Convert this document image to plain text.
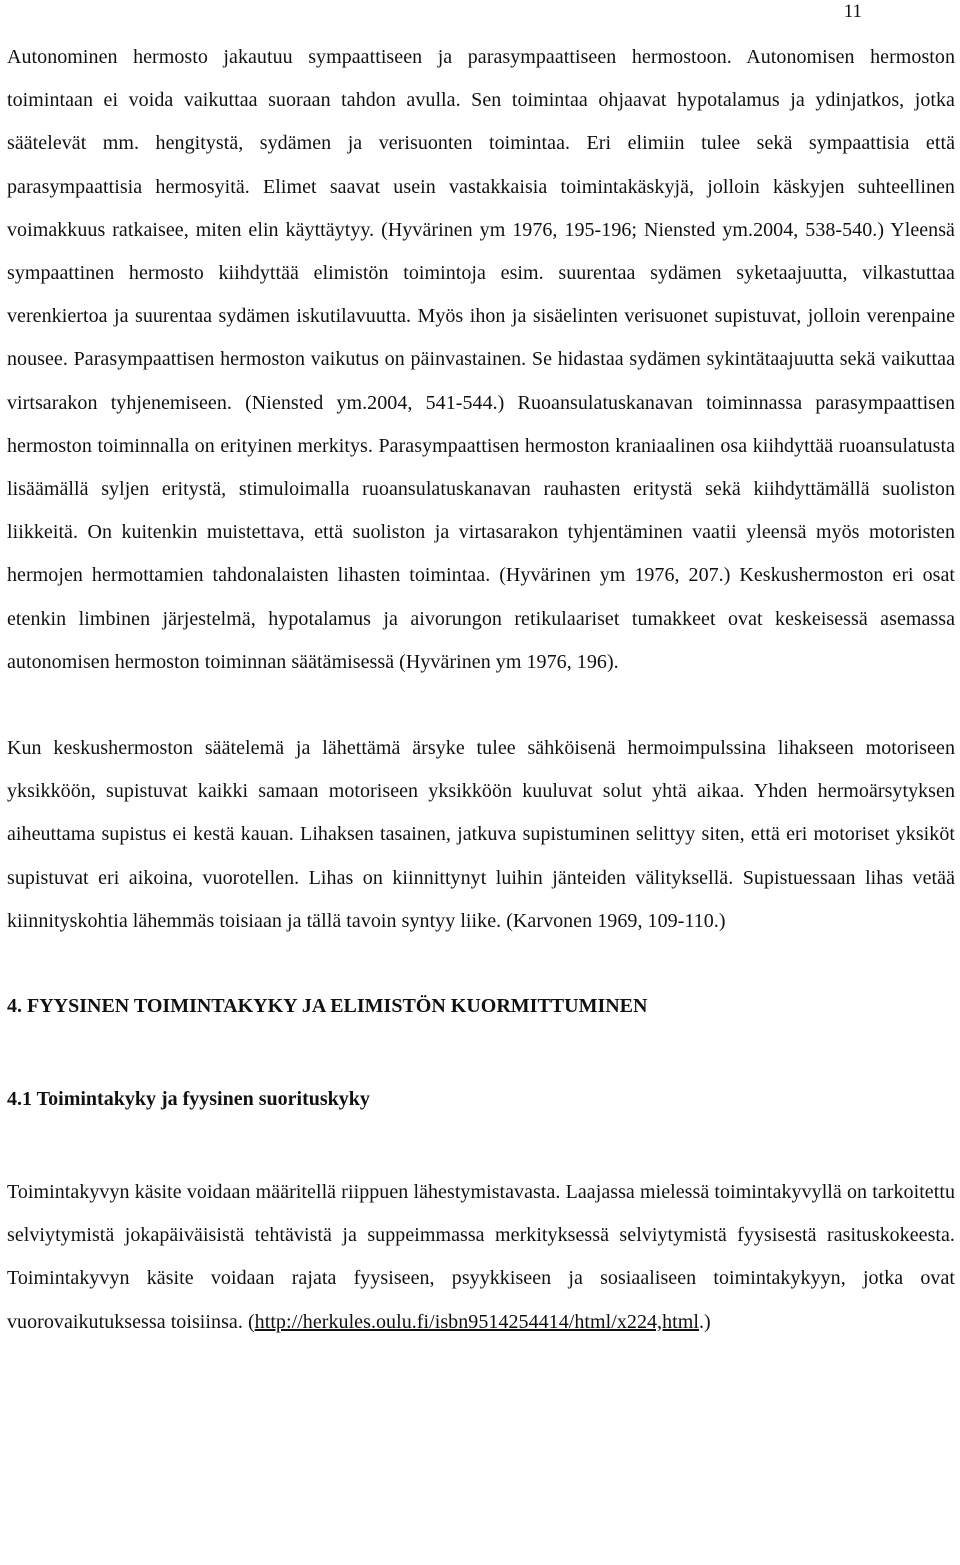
11

Autonominen hermosto jakautuu sympaattiseen ja parasympaattiseen hermostoon. Autonomisen hermoston toimintaan ei voida vaikuttaa suoraan tahdon avulla. Sen toimintaa ohjaavat hypotalamus ja ydinjatkos, jotka säätelevät mm. hengitystä, sydämen ja verisuonten toimintaa. Eri elimiin tulee sekä sympaattisia että parasympaattisia hermosyitä. Elimet saavat usein vastakkaisia toimintakäskyjä, jolloin käskyjen suhteellinen voimakkuus ratkaisee, miten elin käyttäytyy. (Hyvärinen ym 1976, 195-196; Niensted ym.2004, 538-540.) Yleensä sympaattinen hermosto kiihdyttää elimistön toimintoja esim. suurentaa sydämen syketaajuutta, vilkastuttaa verenkiertoa ja suurentaa sydämen iskutilavuutta. Myös ihon ja sisäelinten verisuonet supistuvat, jolloin verenpaine nousee. Parasympaattisen hermoston vaikutus on päinvastainen. Se hidastaa sydämen sykintätaajuutta sekä vaikuttaa virtsarakon tyhjenemiseen. (Niensted ym.2004, 541-544.) Ruoansulatuskanavan toiminnassa parasympaattisen hermoston toiminnalla on erityinen merkitys. Parasympaattisen hermoston kraniaalinen osa kiihdyttää ruoansulatusta lisäämällä syljen eritystä, stimuloimalla ruoansulatuskanavan rauhasten eritystä sekä kiihdyttämällä suoliston liikkeitä. On kuitenkin muistettava, että suoliston ja virtasarakon tyhjentäminen vaatii yleensä myös motoristen hermojen hermottamien tahdonalaisten lihasten toimintaa. (Hyvärinen ym 1976, 207.) Keskushermoston eri osat etenkin limbinen järjestelmä, hypotalamus ja aivorungon retikulaariset tumakkeet ovat keskeisessä asemassa autonomisen hermoston toiminnan säätämisessä (Hyvärinen ym 1976, 196).

Kun keskushermoston säätelemä ja lähettämä ärsyke tulee sähköisenä hermoimpulssina lihakseen motoriseen yksikköön, supistuvat kaikki samaan motoriseen yksikköön kuuluvat solut yhtä aikaa. Yhden hermoärsytyksen aiheuttama supistus ei kestä kauan. Lihaksen tasainen, jatkuva supistuminen selittyy siten, että eri motoriset yksiköt supistuvat eri aikoina, vuorotellen. Lihas on kiinnittynyt luihin jänteiden välityksellä. Supistuessaan lihas vetää kiinnityskohtia lähemmäs toisiaan ja tällä tavoin syntyy liike. (Karvonen 1969, 109-110.)

4. FYYSINEN TOIMINTAKYKY JA ELIMISTÖN KUORMITTUMINEN
4.1 Toimintakyky ja fyysinen suorituskyky

Toimintakyvyn käsite voidaan määritellä riippuen lähestymistavasta. Laajassa mielessä toimintakyvyllä on tarkoitettu selviytymistä jokapäiväisistä tehtävistä ja suppeimmassa merkityksessä selviytymistä fyysisestä rasituskokeesta. Toimintakyvyn käsite voidaan rajata fyysiseen, psyykkiseen ja sosiaaliseen toimintakykyyn, jotka ovat vuorovaikutuksessa toisiinsa. (http://herkules.oulu.fi/isbn9514254414/html/x224,html.)
